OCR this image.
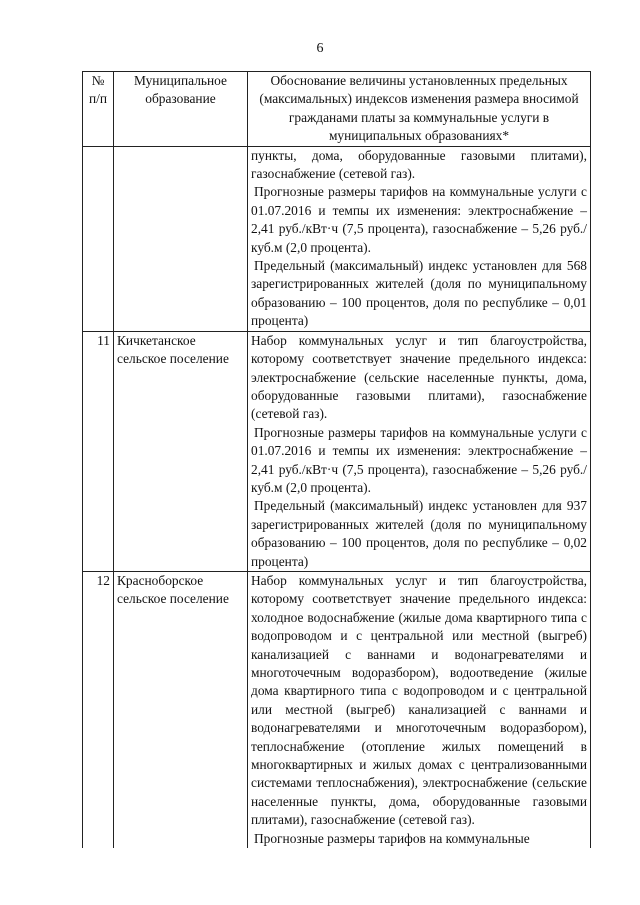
6
№ п/п	Муниципальное образование	Обоснование величины установленных предельных (максимальных) индексов изменения размера вносимой гражданами платы за коммунальные услуги в муниципальных образованиях*

		пункты, дома, оборудованные газовыми плитами), газоснабжение (сетевой газ).

Прогнозные размеры тарифов на коммунальные услуги с 01.07.2016 и темпы их изменения: электроснабжение – 2,41 руб./кВт·ч (7,5 процента), газоснабжение – 5,26 руб./куб.м (2,0 процента).

Предельный (максимальный) индекс установлен для 568 зарегистрированных жителей (доля по муниципальному образованию – 100 процентов, доля по республике – 0,01 процента)

11	Кичкетанское сельское поселение	Набор коммунальных услуг и тип благоустройства, которому соответствует значение предельного индекса: электроснабжение (сельские населенные пункты, дома, оборудованные газовыми плитами), газоснабжение (сетевой газ).

Прогнозные размеры тарифов на коммунальные услуги с 01.07.2016 и темпы их изменения: электроснабжение – 2,41 руб./кВт·ч (7,5 процента), газоснабжение – 5,26 руб./куб.м (2,0 процента).

Предельный (максимальный) индекс установлен для 937 зарегистрированных жителей (доля по муниципальному образованию – 100 процентов, доля по республике – 0,02 процента)

12	Красноборское сельское поселение	Набор коммунальных услуг и тип благоустройства, которому соответствует значение предельного индекса: холодное водоснабжение (жилые дома квартирного типа с водопроводом и с центральной или местной (выгреб) канализацией с ваннами и водонагревателями и многоточечным водоразбором), водоотведение (жилые дома квартирного типа с водопроводом и с центральной или местной (выгреб) канализацией с ваннами и водонагревателями и многоточечным водоразбором), теплоснабжение (отопление жилых помещений в многоквартирных и жилых домах с централизованными системами теплоснабжения), электроснабжение (сельские населенные пункты, дома, оборудованные газовыми плитами), газоснабжение (сетевой газ).

Прогнозные размеры тарифов на коммунальные
